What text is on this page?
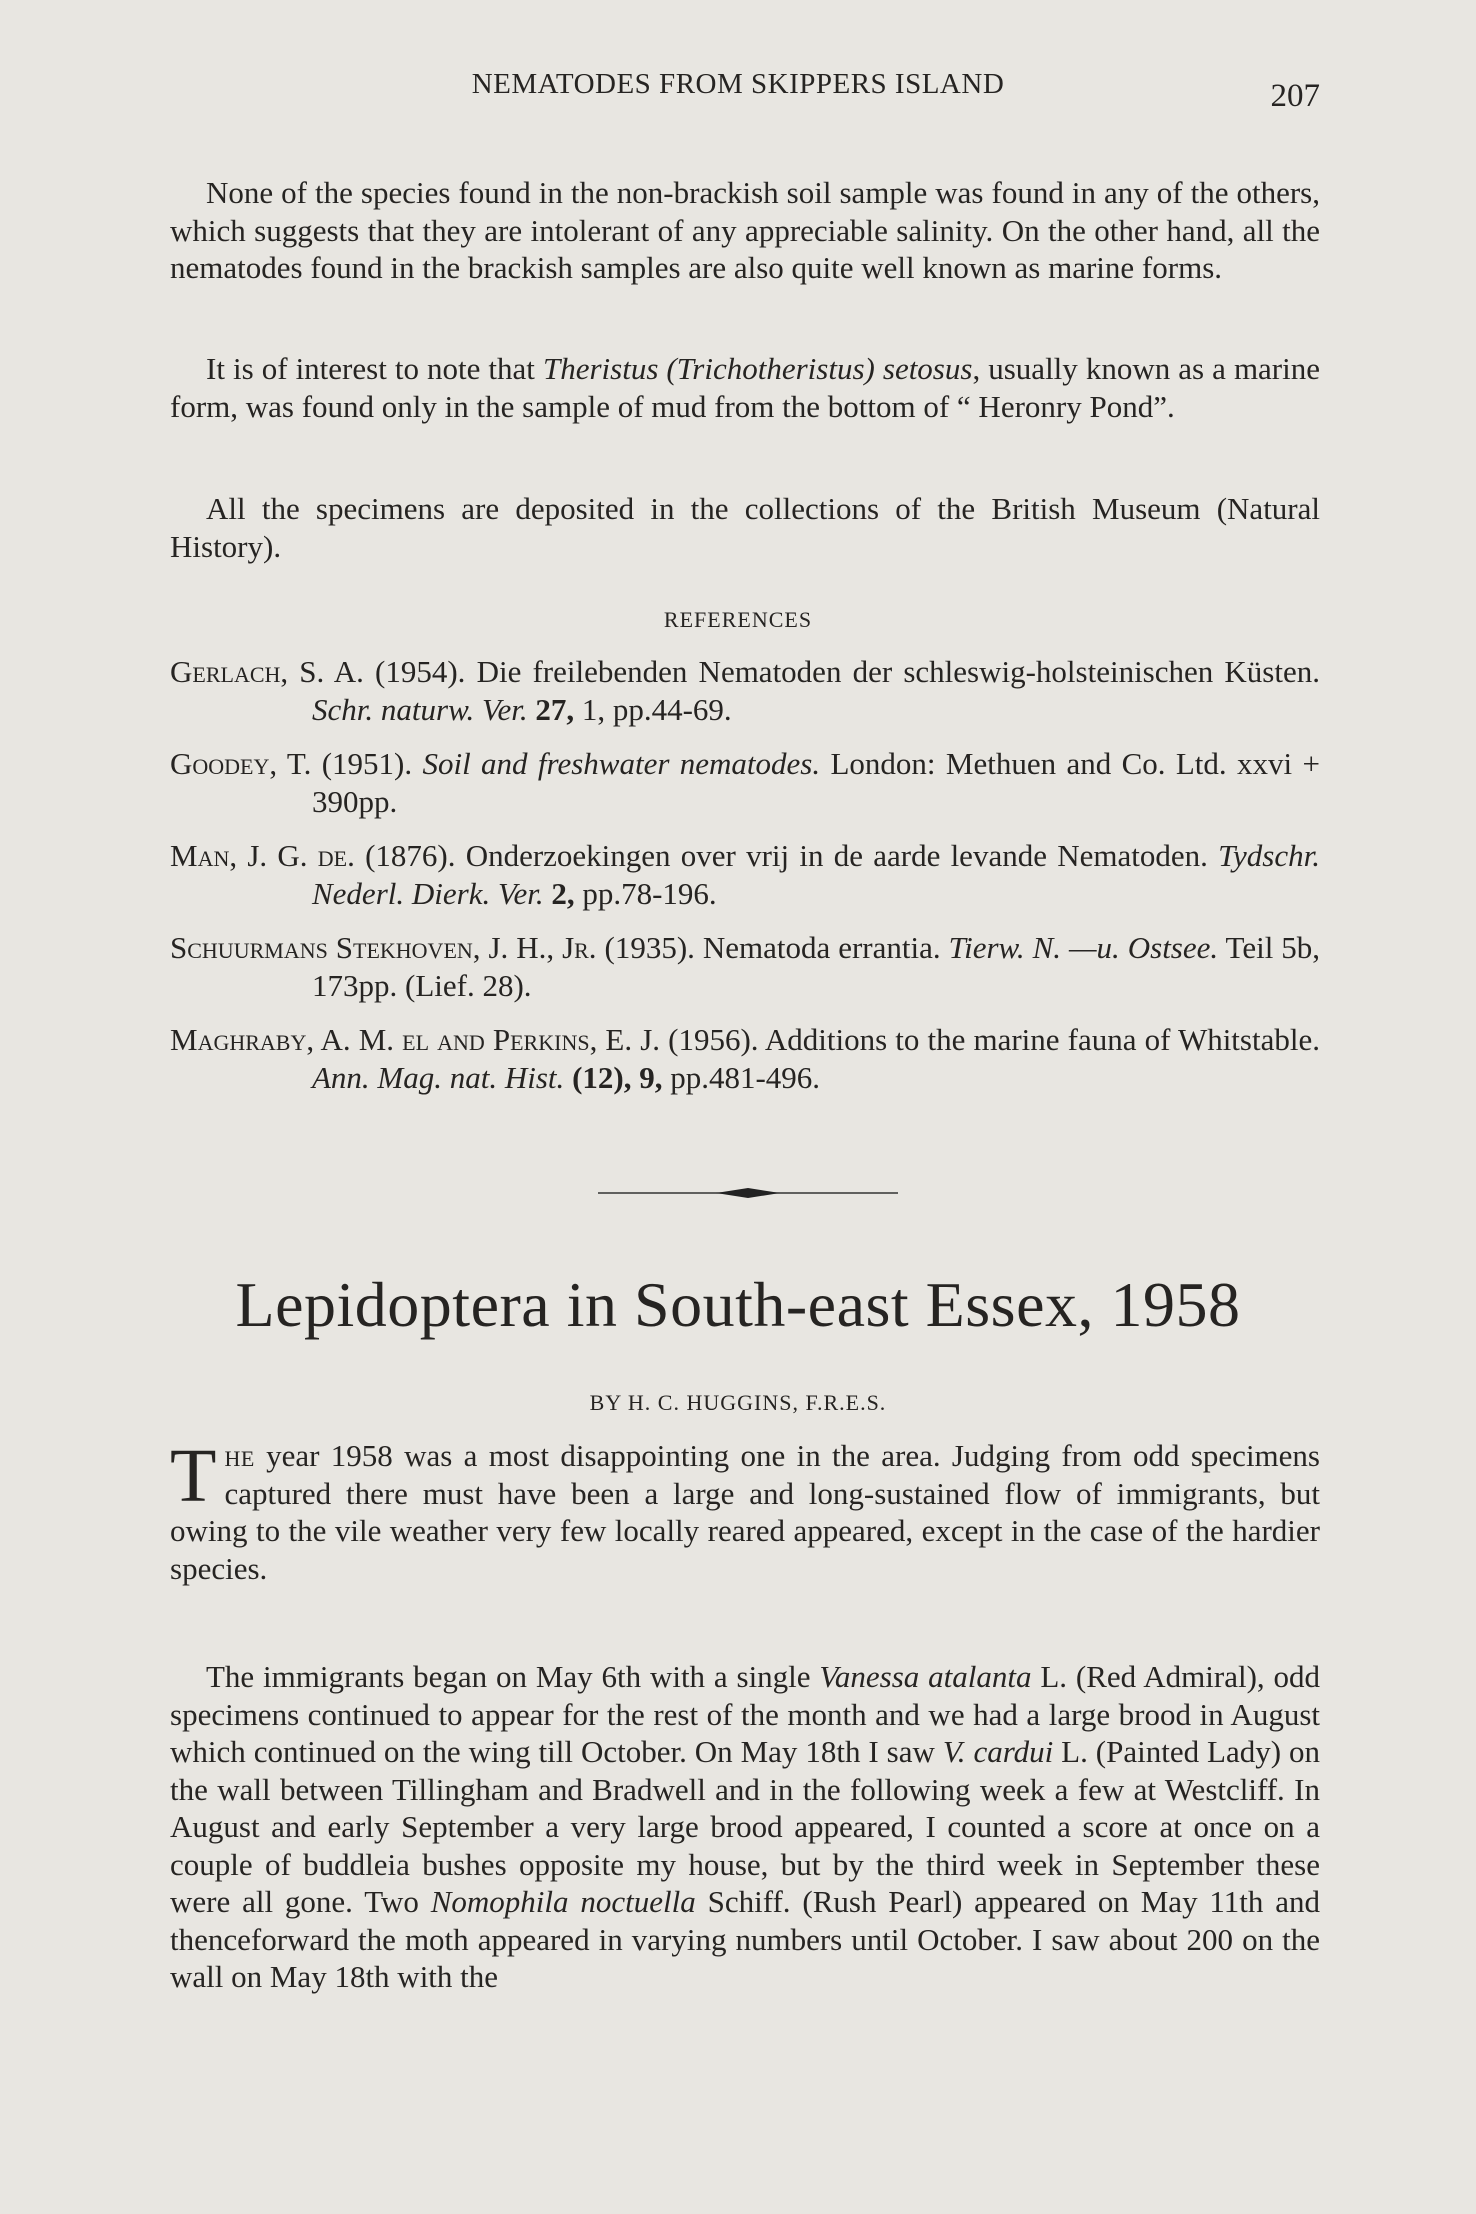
NEMATODES FROM SKIPPERS ISLAND	207

None of the species found in the non-brackish soil sample was found in any of the others, which suggests that they are intolerant of any appreciable salinity. On the other hand, all the nematodes found in the brackish samples are also quite well known as marine forms.

It is of interest to note that Theristus (Trichotheristus) setosus, usually known as a marine form, was found only in the sample of mud from the bottom of “ Heronry Pond”.

All the specimens are deposited in the collections of the British Museum (Natural History).

REFERENCES

Gerlach, S. A. (1954). Die freilebenden Nematoden der schleswig-holsteinischen Küsten. Schr. naturw. Ver. 27, 1, pp.44-69.

Goodey, T. (1951). Soil and freshwater nematodes. London: Methuen and Co. Ltd. xxvi + 390pp.

Man, J. G. de. (1876). Onderzoekingen over vrij in de aarde levande Nematoden. Tydschr. Nederl. Dierk. Ver. 2, pp.78-196.

Schuurmans Stekhoven, J. H., Jr. (1935). Nematoda errantia. Tierw. N. —u. Ostsee. Teil 5b, 173pp. (Lief. 28).

Maghraby, A. M. el and Perkins, E. J. (1956). Additions to the marine fauna of Whitstable. Ann. Mag. nat. Hist. (12), 9, pp.481-496.

Lepidoptera in South-east Essex, 1958
BY H. C. HUGGINS, F.R.E.S.

The year 1958 was a most disappointing one in the area. Judging from odd specimens captured there must have been a large and long-sustained flow of immigrants, but owing to the vile weather very few locally reared appeared, except in the case of the hardier species.

The immigrants began on May 6th with a single Vanessa atalanta L. (Red Admiral), odd specimens continued to appear for the rest of the month and we had a large brood in August which continued on the wing till October. On May 18th I saw V. cardui L. (Painted Lady) on the wall between Tillingham and Bradwell and in the following week a few at Westcliff. In August and early September a very large brood appeared, I counted a score at once on a couple of buddleia bushes opposite my house, but by the third week in September these were all gone. Two Nomophila noctuella Schiff. (Rush Pearl) appeared on May 11th and thenceforward the moth appeared in varying numbers until October. I saw about 200 on the wall on May 18th with the
